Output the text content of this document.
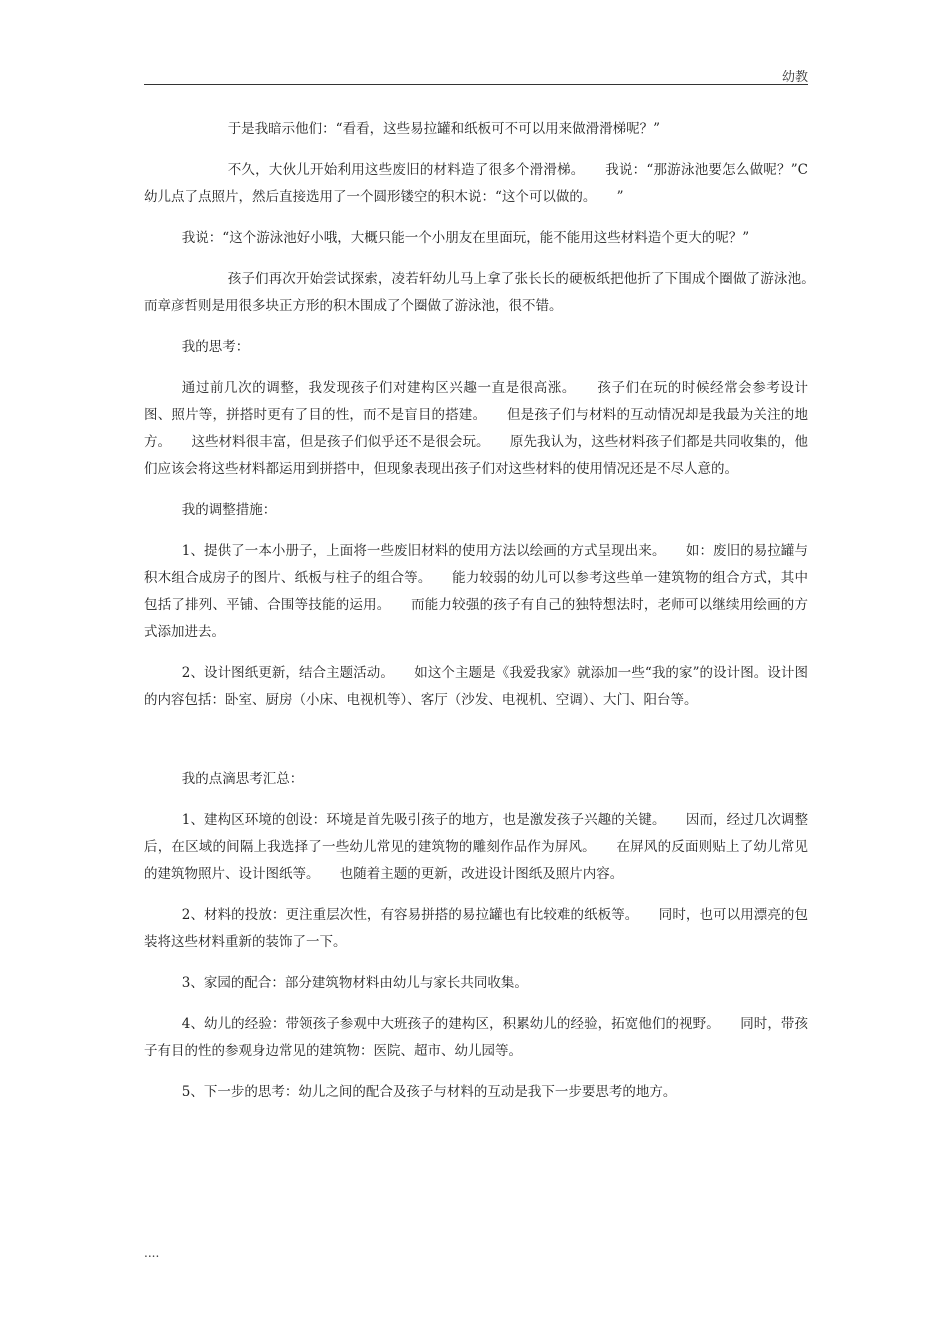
幼教

于是我暗示他们：“看看，这些易拉罐和纸板可不可以用来做滑滑梯呢？”

不久，大伙儿开始利用这些废旧的材料造了很多个滑滑梯。　　我说：“那游泳池要怎么做呢？”C幼儿点了点照片，然后直接选用了一个圆形镂空的积木说：“这个可以做的。　　”

我说：“这个游泳池好小哦，大概只能一个小朋友在里面玩，能不能用这些材料造个更大的呢？”

孩子们再次开始尝试探索，凌若轩幼儿马上拿了张长长的硬板纸把他折了下围成个圈做了游泳池。　　而章彦哲则是用很多块正方形的积木围成了个圈做了游泳池，很不错。

我的思考：

通过前几次的调整，我发现孩子们对建构区兴趣一直是很高涨。　　孩子们在玩的时候经常会参考设计图、照片等，拼搭时更有了目的性，而不是盲目的搭建。　　但是孩子们与材料的互动情况却是我最为关注的地方。　　这些材料很丰富，但是孩子们似乎还不是很会玩。　　原先我认为，这些材料孩子们都是共同收集的，他们应该会将这些材料都运用到拼搭中，但现象表现出孩子们对这些材料的使用情况还是不尽人意的。

我的调整措施：

1、提供了一本小册子，上面将一些废旧材料的使用方法以绘画的方式呈现出来。　　如：废旧的易拉罐与积木组合成房子的图片、纸板与柱子的组合等。　　能力较弱的幼儿可以参考这些单一建筑物的组合方式，其中包括了排列、平铺、合围等技能的运用。　　而能力较强的孩子有自己的独特想法时，老师可以继续用绘画的方式添加进去。

2、设计图纸更新，结合主题活动。　　如这个主题是《我爱我家》就添加一些“我的家”的设计图。设计图的内容包括：卧室、厨房（小床、电视机等）、客厅（沙发、电视机、空调）、大门、阳台等。

我的点滴思考汇总：

1、建构区环境的创设：环境是首先吸引孩子的地方，也是激发孩子兴趣的关键。　　因而，经过几次调整后，在区域的间隔上我选择了一些幼儿常见的建筑物的雕刻作品作为屏风。　　在屏风的反面则贴上了幼儿常见的建筑物照片、设计图纸等。　　也随着主题的更新，改进设计图纸及照片内容。

2、材料的投放：更注重层次性，有容易拼搭的易拉罐也有比较难的纸板等。　　同时，也可以用漂亮的包装将这些材料重新的装饰了一下。

3、家园的配合：部分建筑物材料由幼儿与家长共同收集。

4、幼儿的经验：带领孩子参观中大班孩子的建构区，积累幼儿的经验，拓宽他们的视野。　　同时，带孩子有目的性的参观身边常见的建筑物：医院、超市、幼儿园等。

5、下一步的思考：幼儿之间的配合及孩子与材料的互动是我下一步要思考的地方。

....
